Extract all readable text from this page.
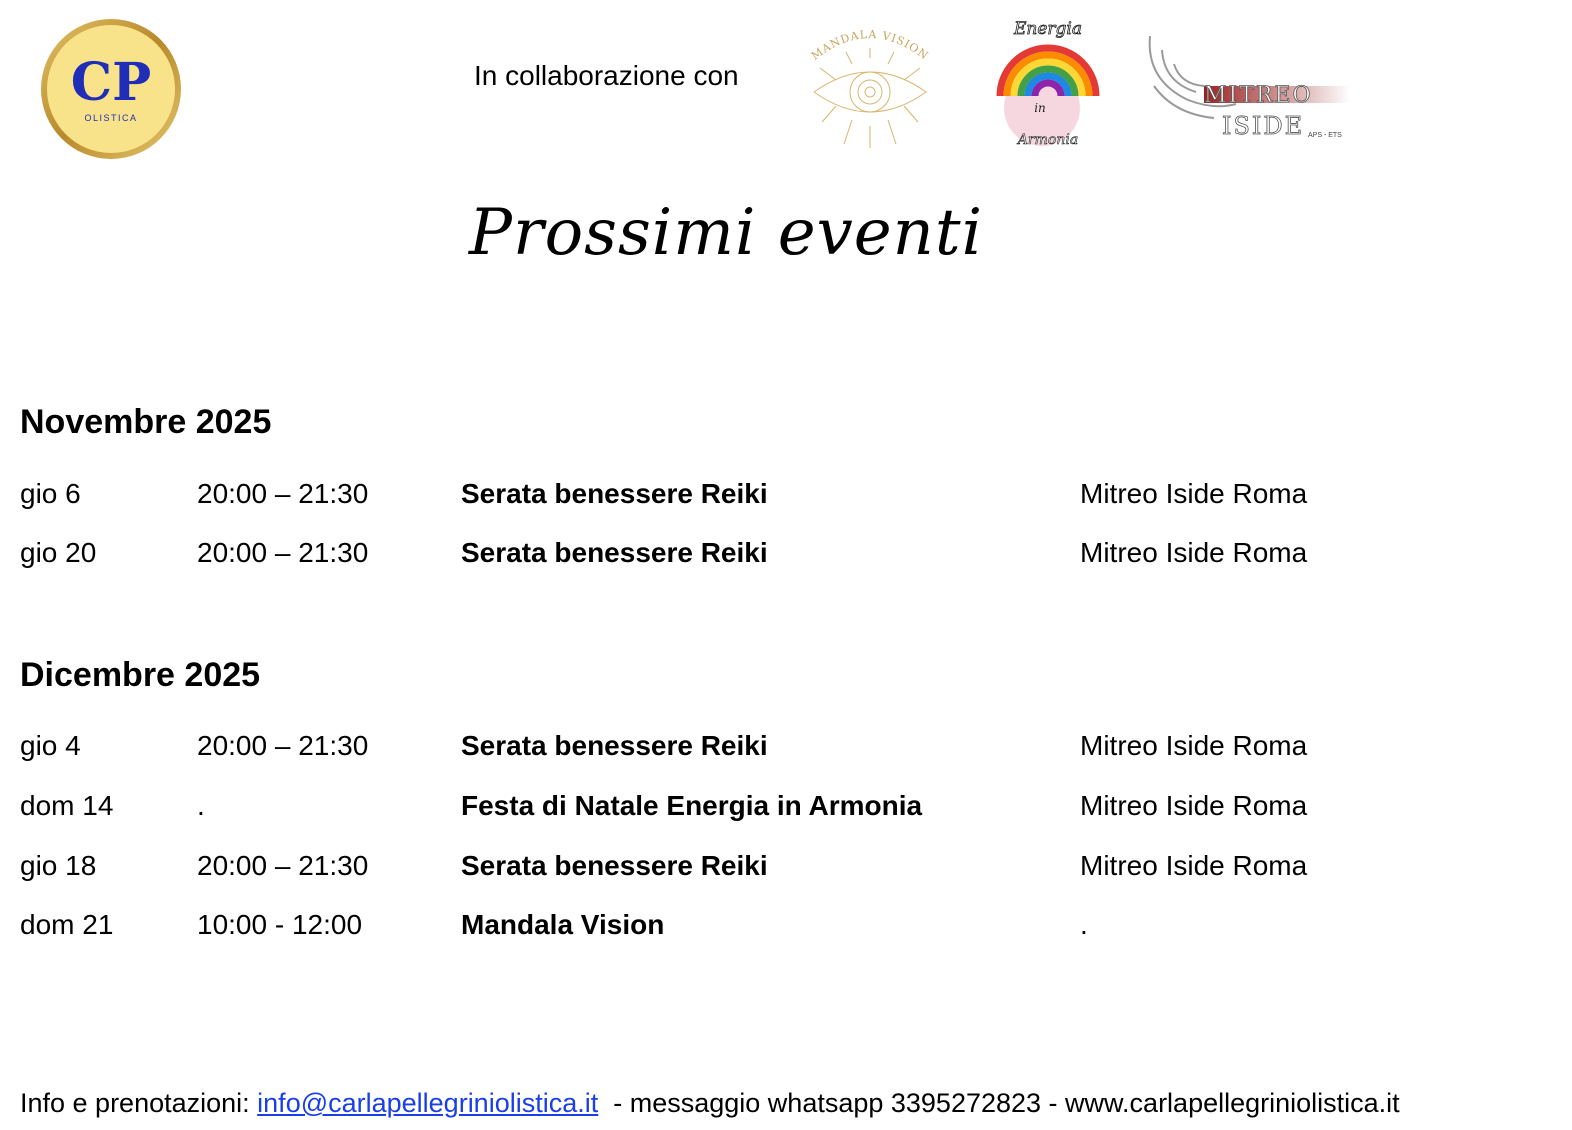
CP
OLISTICA
In collaborazione con
MANDALA VISION
Energia
in
Armonia
MITREO
ISIDE APS - ETS
Prossimi eventi
Novembre 2025
gio 6	20:00 – 21:30	Serata benessere Reiki	Mitreo Iside Roma
gio 20	20:00 – 21:30	Serata benessere Reiki	Mitreo Iside Roma
Dicembre 2025
gio 4	20:00 – 21:30	Serata benessere Reiki	Mitreo Iside Roma
dom 14	.	Festa di Natale Energia in Armonia	Mitreo Iside Roma
gio 18	20:00 – 21:30	Serata benessere Reiki	Mitreo Iside Roma
dom 21	10:00 - 12:00	Mandala Vision	.
Info e prenotazioni: info@carlapellegriniolistica.it  - messaggio whatsapp 3395272823 - www.carlapellegriniolistica.it
